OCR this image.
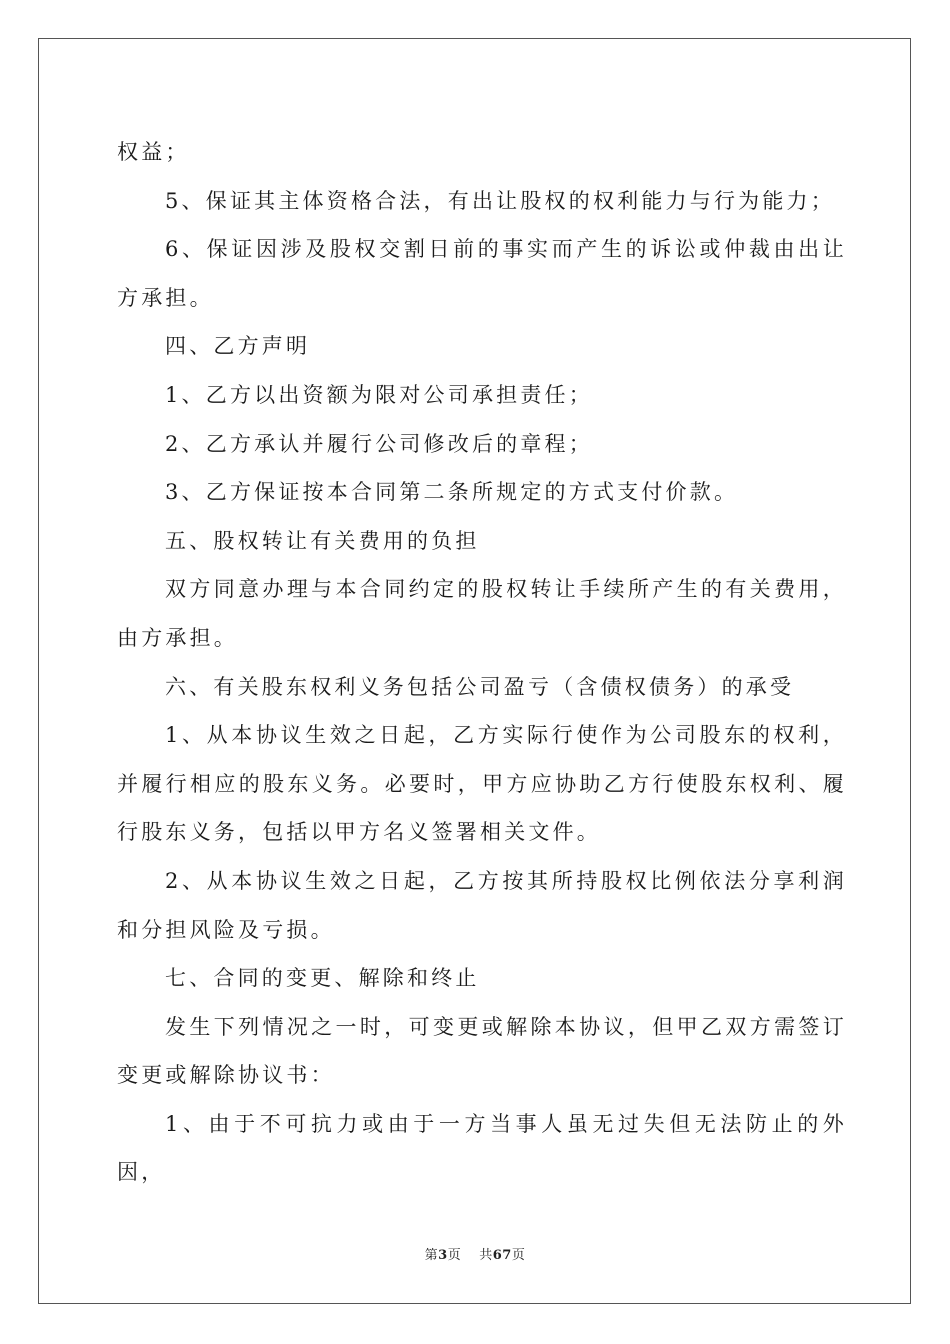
权益；

5、保证其主体资格合法，有出让股权的权利能力与行为能力；

6、保证因涉及股权交割日前的事实而产生的诉讼或仲裁由出让方承担。

四、乙方声明

1、乙方以出资额为限对公司承担责任；

2、乙方承认并履行公司修改后的章程；

3、乙方保证按本合同第二条所规定的方式支付价款。

五、股权转让有关费用的负担

双方同意办理与本合同约定的股权转让手续所产生的有关费用，由方承担。

六、有关股东权利义务包括公司盈亏（含债权债务）的承受

1、从本协议生效之日起，乙方实际行使作为公司股东的权利，并履行相应的股东义务。必要时，甲方应协助乙方行使股东权利、履行股东义务，包括以甲方名义签署相关文件。

2、从本协议生效之日起，乙方按其所持股权比例依法分享利润和分担风险及亏损。

七、合同的变更、解除和终止

发生下列情况之一时，可变更或解除本协议，但甲乙双方需签订变更或解除协议书：

1、由于不可抗力或由于一方当事人虽无过失但无法防止的外因，

第3页 共67页
